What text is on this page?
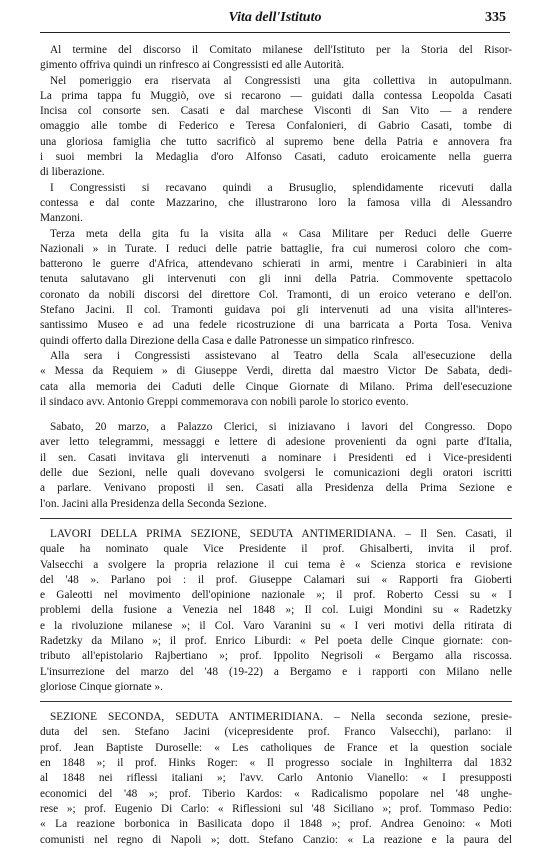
Vita dell'Istituto	335
Al termine del discorso il Comitato milanese dell'Istituto per la Storia del Risor-
gimento offriva quindi un rinfresco ai Congressisti ed alle Autorità.
Nel pomeriggio era riservata al Congressisti una gita collettiva in autopulmann.
La prima tappa fu Muggiò, ove si recarono — guidati dalla contessa Leopolda Casati
Incisa col consorte sen. Casati e dal marchese Visconti di San Vito — a rendere
omaggio alle tombe di Federico e Teresa Confalonieri, di Gabrio Casati, tombe di
una gloriosa famiglia che tutto sacrificò al supremo bene della Patria e annovera fra
i suoi membri la Medaglia d'oro Alfonso Casati, caduto eroicamente nella guerra
di liberazione.
I Congressisti si recavano quindi a Brusuglio, splendidamente ricevuti dalla
contessa e dal conte Mazzarino, che illustrarono loro la famosa villa di Alessandro
Manzoni.
Terza meta della gita fu la visita alla « Casa Militare per Reduci delle Guerre
Nazionali » in Turate. I reduci delle patrie battaglie, fra cui numerosi coloro che com-
batterono le guerre d'Africa, attendevano schierati in armi, mentre i Carabinieri in alta
tenuta salutavano gli intervenuti con gli inni della Patria. Commovente spettacolo
coronato da nobili discorsi del direttore Col. Tramonti, di un eroico veterano e dell'on.
Stefano Jacini. Il col. Tramonti guidava poi gli intervenuti ad una visita all'interes-
santissimo Museo e ad una fedele ricostruzione di una barricata a Porta Tosa. Veniva
quindi offerto dalla Direzione della Casa e dalle Patronesse un simpatico rinfresco.
Alla sera i Congressisti assistevano al Teatro della Scala all'esecuzione della
« Messa da Requiem » di Giuseppe Verdi, diretta dal maestro Victor De Sabata, dedi-
cata alla memoria dei Caduti delle Cinque Giornate di Milano. Prima dell'esecuzione
il sindaco avv. Antonio Greppi commemorava con nobili parole lo storico evento.
Sabato, 20 marzo, a Palazzo Clerici, si iniziavano i lavori del Congresso. Dopo
aver letto telegrammi, messaggi e lettere di adesione provenienti da ogni parte d'Italia,
il sen. Casati invitava gli intervenuti a nominare i Presidenti ed i Vice-presidenti
delle due Sezioni, nelle quali dovevano svolgersi le comunicazioni degli oratori iscritti
a parlare. Venivano proposti il sen. Casati alla Presidenza della Prima Sezione e
l'on. Jacini alla Presidenza della Seconda Sezione.
LAVORI DELLA PRIMA SEZIONE, SEDUTA ANTIMERIDIANA. – Il Sen. Casati, il
quale ha nominato quale Vice Presidente il prof. Ghisalberti, invita il prof.
Valsecchi a svolgere la propria relazione il cui tema è « Scienza storica e revisione
del '48 ». Parlano poi : il prof. Giuseppe Calamari sui « Rapporti fra Gioberti
e Galeotti nel movimento dell'opinione nazionale »; il prof. Roberto Cessi su « I
problemi della fusione a Venezia nel 1848 »; Il col. Luigi Mondini su « Radetzky
e la rivoluzione milanese »; il Col. Varo Varanini su « I veri motivi della ritirata di
Radetzky da Milano »; il prof. Enrico Liburdi: « Pel poeta delle Cinque giornate: con-
tributo all'epistolario Rajbertiano »; prof. Ippolito Negrisoli « Bergamo alla riscossa.
L'insurrezione del marzo del '48 (19-22) a Bergamo e i rapporti con Milano nelle
gloriose Cinque giornate ».
SEZIONE SECONDA, SEDUTA ANTIMERIDIANA. – Nella seconda sezione, presie-
duta del sen. Stefano Jacini (vicepresidente prof. Franco Valsecchi), parlano: il
prof. Jean Baptiste Duroselle: « Les catholiques de France et la question sociale
en 1848 »; il prof. Hinks Roger: « Il progresso sociale in Inghilterra dal 1832
al 1848 nei riflessi italiani »; l'avv. Carlo Antonio Vianello: « I presupposti
economici del '48 »; prof. Tiberio Kardos: « Radicalismo popolare nel '48 unghe-
rese »; prof. Eugenio Di Carlo: « Riflessioni sul '48 Siciliano »; prof. Tommaso Pedio:
« La reazione borbonica in Basilicata dopo il 1848 »; prof. Andrea Genoino: « Moti
comunisti nel regno di Napoli »; dott. Stefano Canzio: « La reazione e la paura del
